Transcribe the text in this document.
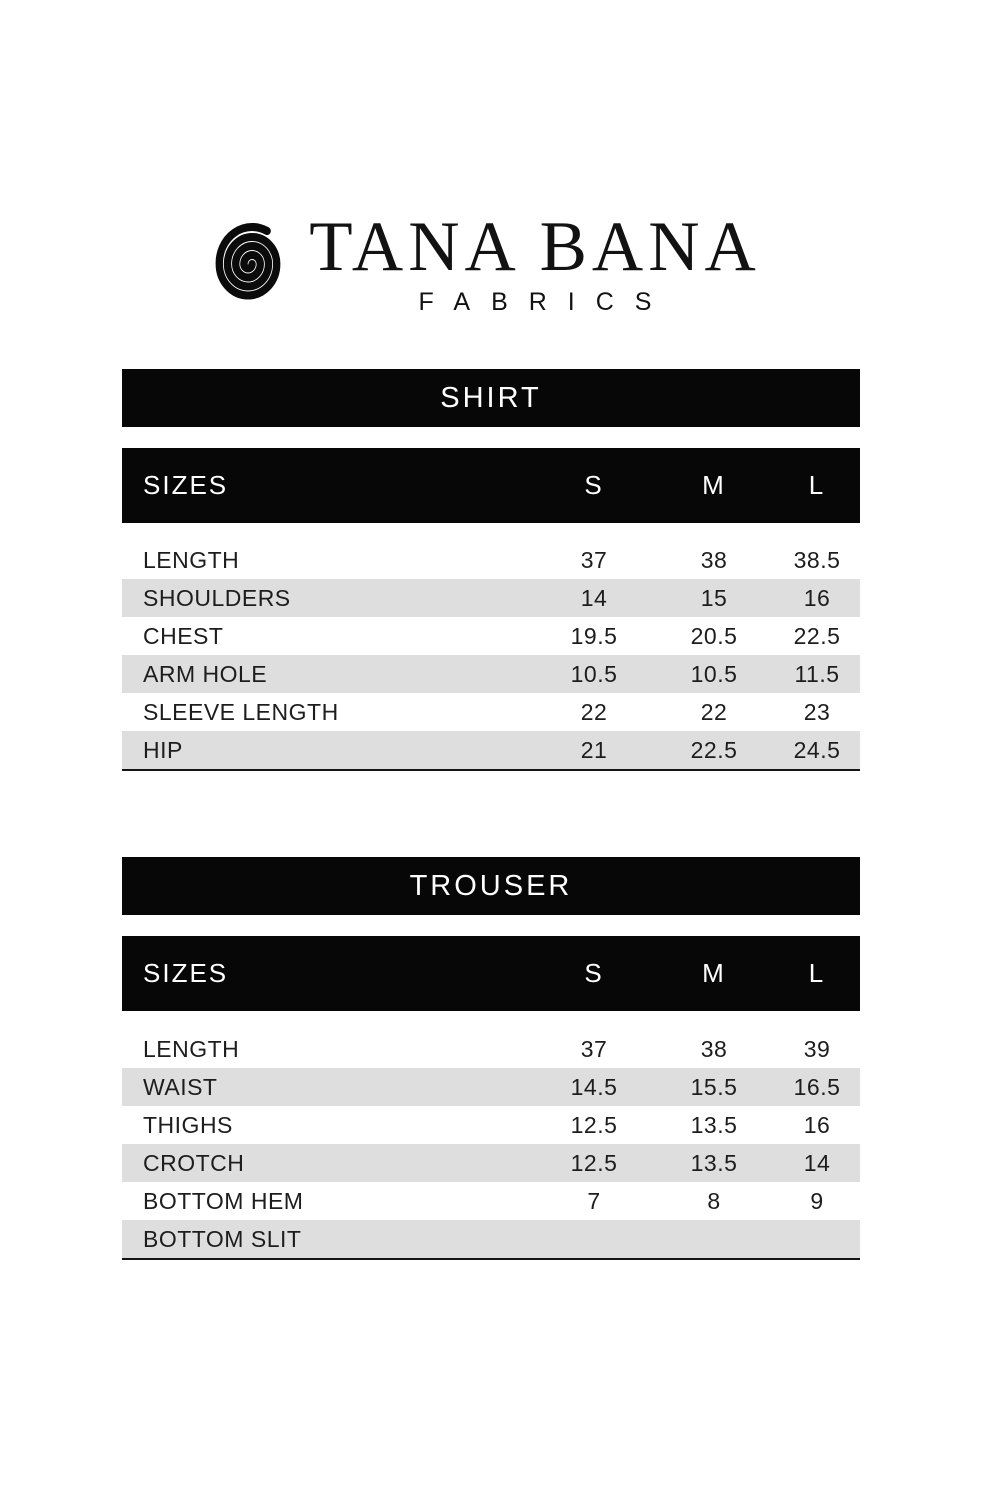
TANA BANA
FABRICS
SHIRT
SIZES	S	M	L
LENGTH	37	38	38.5
SHOULDERS	14	15	16
CHEST	19.5	20.5	22.5
ARM HOLE	10.5	10.5	11.5
SLEEVE LENGTH	22	22	23
HIP	21	22.5	24.5
TROUSER
SIZES	S	M	L
LENGTH	37	38	39
WAIST	14.5	15.5	16.5
THIGHS	12.5	13.5	16
CROTCH	12.5	13.5	14
BOTTOM HEM	7	8	9
BOTTOM SLIT
